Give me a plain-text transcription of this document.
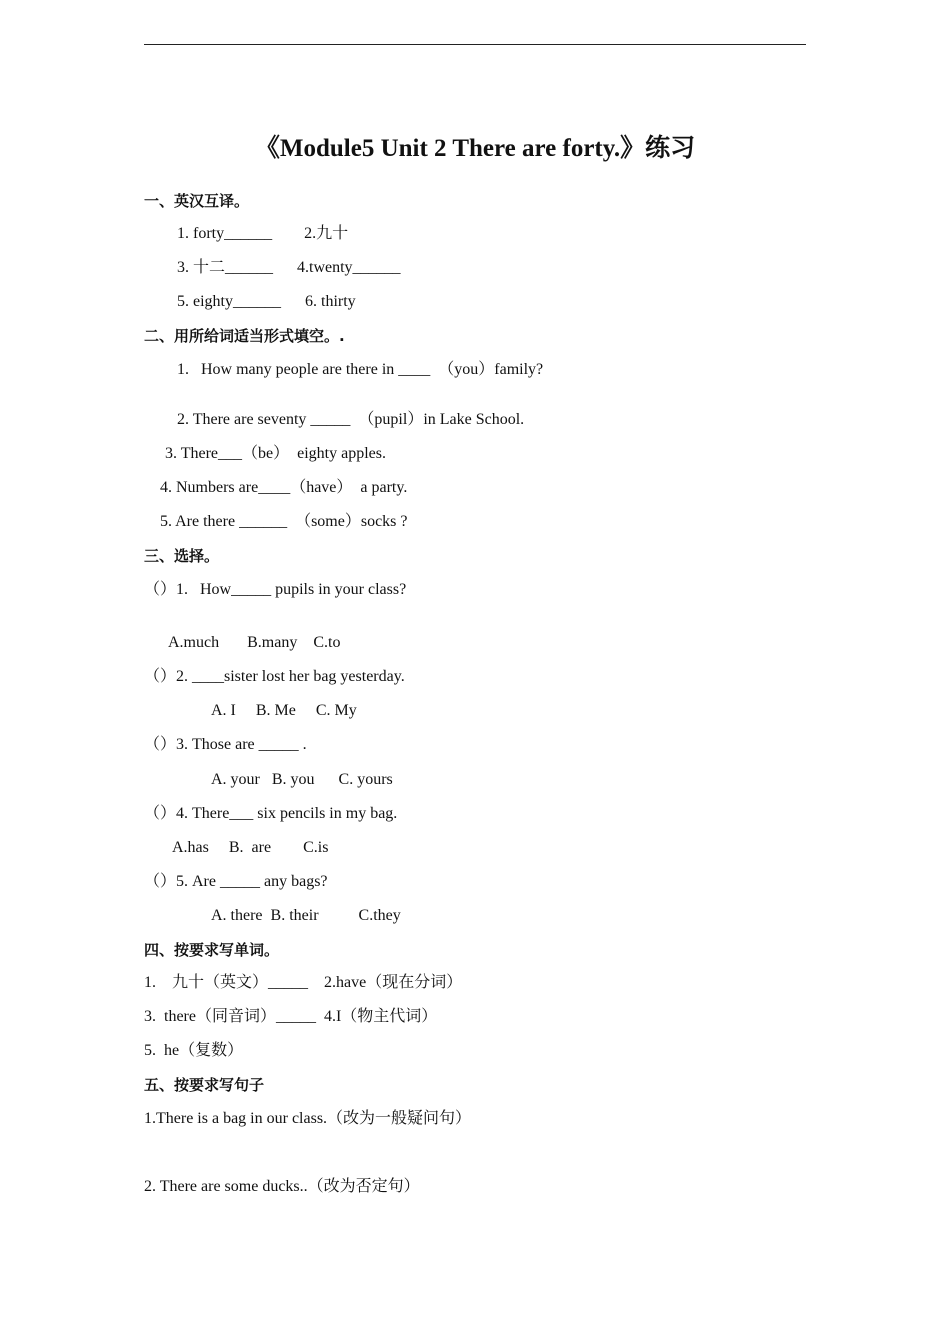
《Module5 Unit 2 There are forty.》练习
一、英汉互译。
1. forty______        2.九十
3. 十二______      4.twenty______
5. eighty______      6. thirty
二、用所给词适当形式填空。.
1.   How many people are there in ____  （you）family?
2. There are seventy _____  （pupil）in Lake School.
3. There___（be）  eighty apples.
4. Numbers are____（have）  a party.
5. Are there ______  （some）socks ?
三、选择。
（）1.   How_____ pupils in your class?
A.much       B.many    C.to
（）2. ____sister lost her bag yesterday.
A. I     B. Me     C. My
（）3. Those are _____ .
A. your   B. you      C. yours
（）4. There___ six pencils in my bag.
A.has     B.  are        C.is
（）5. Are _____ any bags?
A. there  B. their          C.they
四、按要求写单词。
1.    九十（英文）_____    2.have（现在分词）
3.  there（同音词）_____  4.I（物主代词）
5.  he（复数）
五、按要求写句子
1.There is a bag in our class.（改为一般疑问句）
2. There are some ducks..（改为否定句）
